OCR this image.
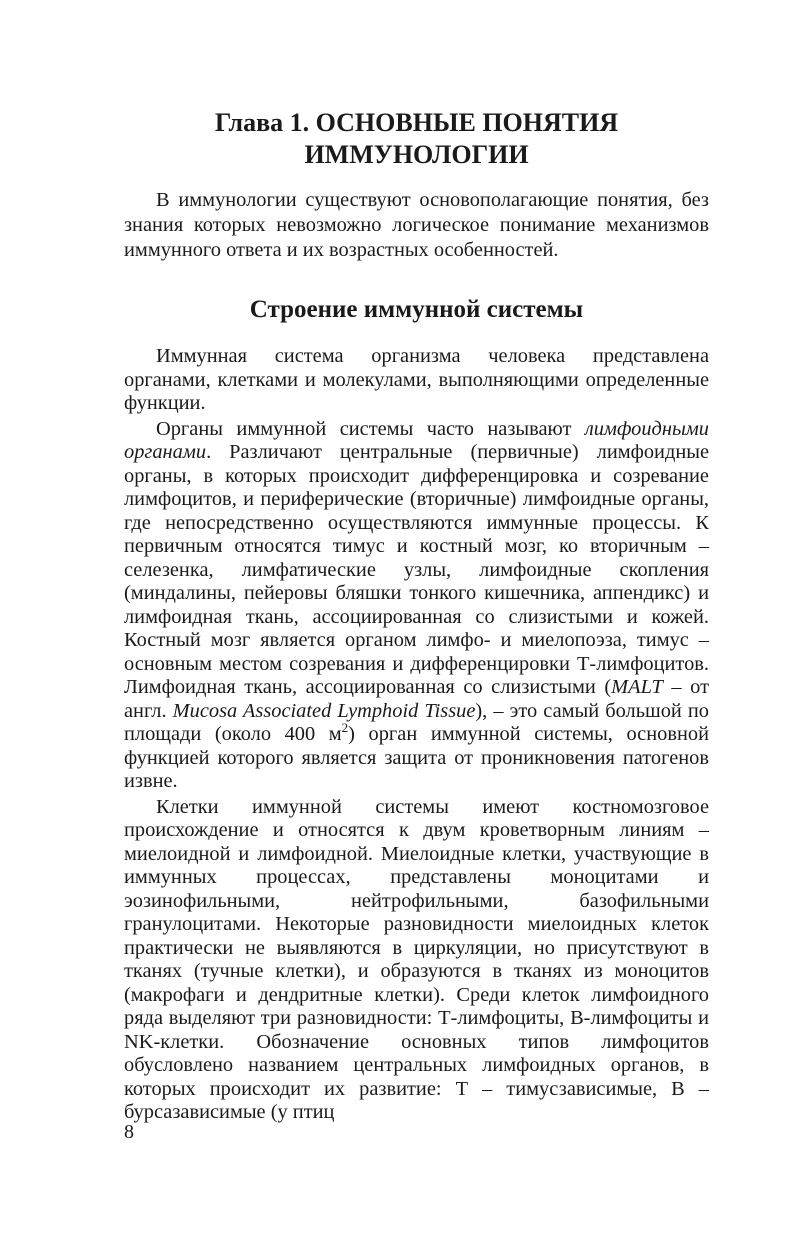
Глава 1. ОСНОВНЫЕ ПОНЯТИЯ
ИММУНОЛОГИИ

В иммунологии существуют основополагающие понятия, без знания которых невозможно логическое понимание механизмов иммунного ответа и их возрастных особенностей.

Строение иммунной системы

Иммунная система организма человека представлена органами, клетками и молекулами, выполняющими определенные функции.

Органы иммунной системы часто называют лимфоидными органами. Различают центральные (первичные) лимфоидные органы, в которых происходит дифференцировка и созревание лимфоцитов, и периферические (вторичные) лимфоидные органы, где непосредственно осуществляются иммунные процессы. К первичным относятся тимус и костный мозг, ко вторичным – селезенка, лимфатические узлы, лимфоидные скопления (миндалины, пейеровы бляшки тонкого кишечника, аппендикс) и лимфоидная ткань, ассоциированная со слизистыми и кожей. Костный мозг является органом лимфо- и миелопоэза, тимус – основным местом созревания и дифференцировки Т-лимфоцитов. Лимфоидная ткань, ассоциированная со слизистыми (MALT – от англ. Mucosa Associated Lymphoid Tissue), – это самый большой по площади (около 400 $м^2$) орган иммунной системы, основной функцией которого является защита от проникновения патогенов извне.

Клетки иммунной системы имеют костномозговое происхождение и относятся к двум кроветворным линиям – миелоидной и лимфоидной. Миелоидные клетки, участвующие в иммунных процессах, представлены моноцитами и эозинофильными, нейтрофильными, базофильными гранулоцитами. Некоторые разновидности миелоидных клеток практически не выявляются в циркуляции, но присутствуют в тканях (тучные клетки), и образуются в тканях из моноцитов (макрофаги и дендритные клетки). Среди клеток лимфоидного ряда выделяют три разновидности: Т-лимфоциты, В-лимфоциты и NK-клетки. Обозначение основных типов лимфоцитов обусловлено названием центральных лимфоидных органов, в которых происходит их развитие: Т – тимусзависимые, В – бурсазависимые (у птиц

8
